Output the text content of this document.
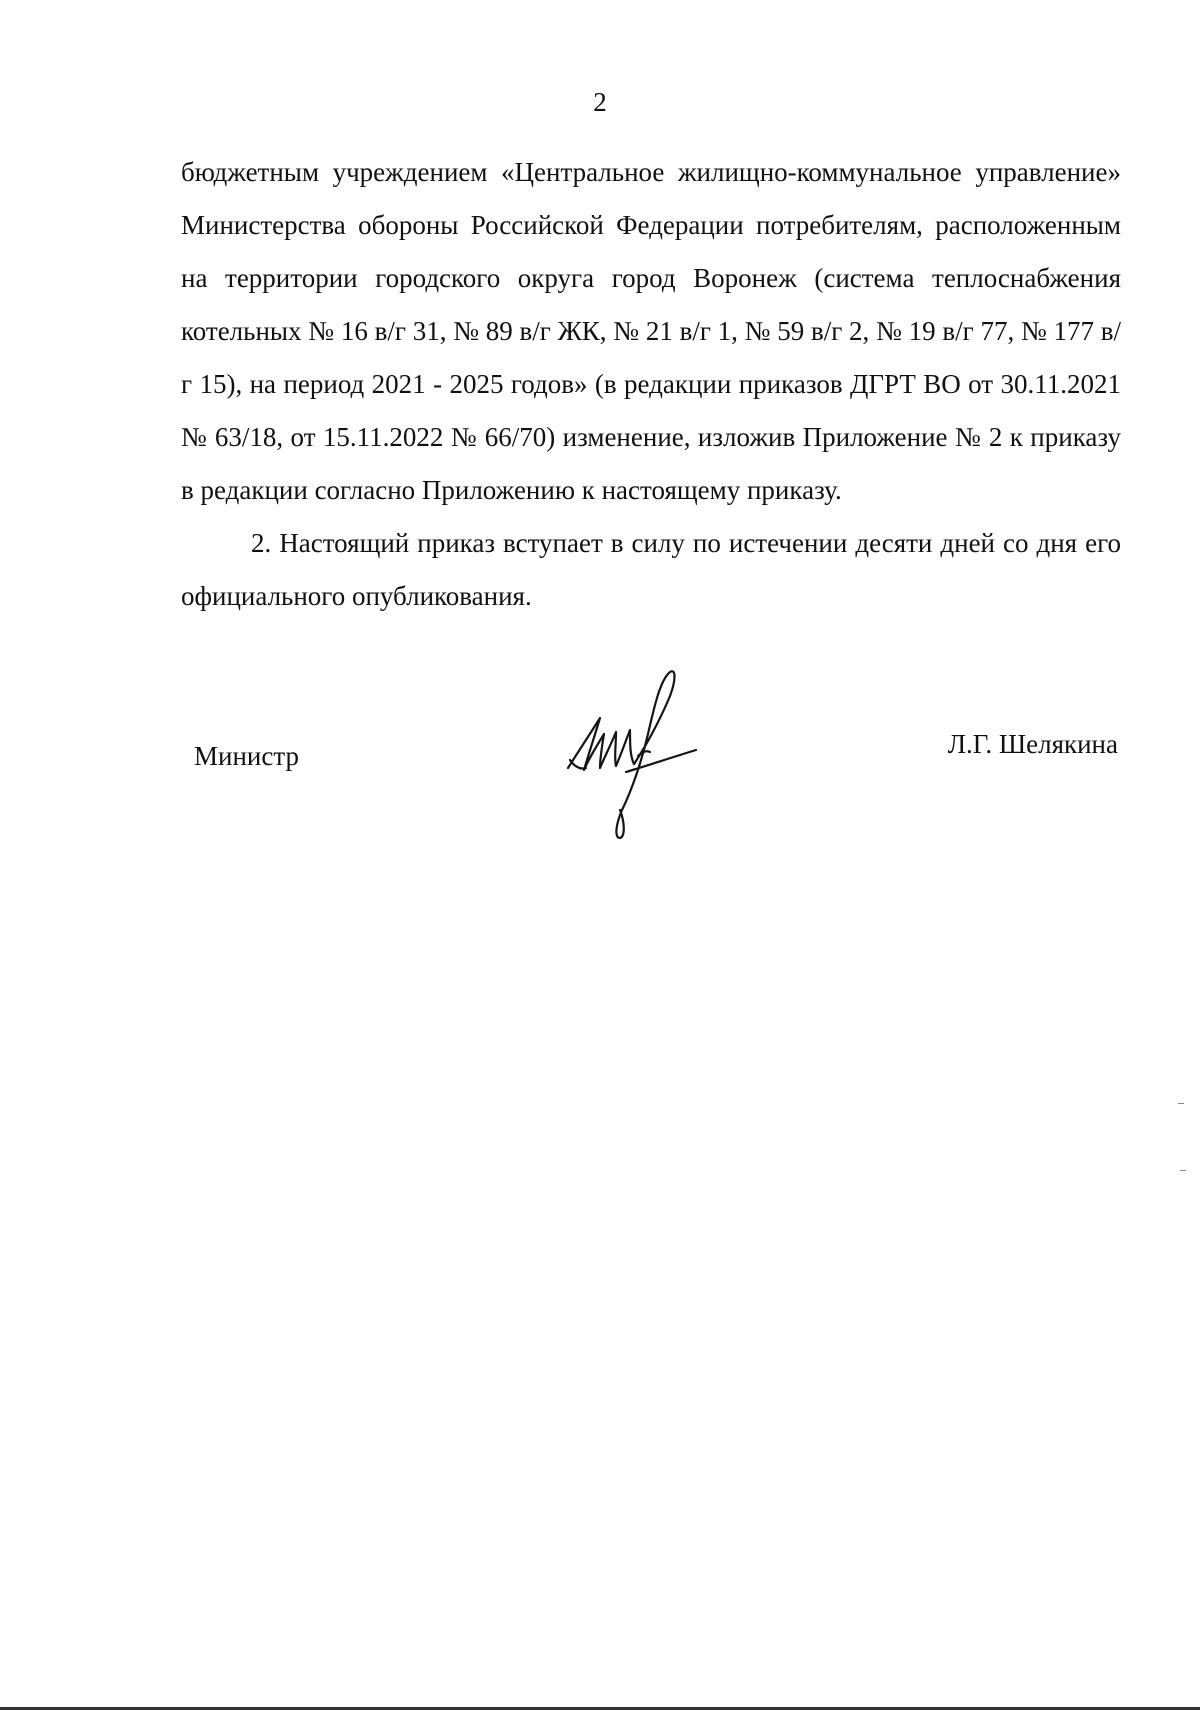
2

бюджетным учреждением «Центральное жилищно-коммунальное управление» Министерства обороны Российской Федерации потребителям, расположенным на территории городского округа город Воронеж (система теплоснабжения котельных № 16 в/г 31, № 89 в/г ЖК, № 21 в/г 1, № 59 в/г 2, № 19 в/г 77, № 177 в/г 15), на период 2021 - 2025 годов» (в редакции приказов ДГРТ ВО от 30.11.2021 № 63/18, от 15.11.2022 № 66/70) изменение, изложив Приложение № 2 к приказу в редакции согласно Приложению к настоящему приказу.

2. Настоящий приказ вступает в силу по истечении десяти дней со дня его официального опубликования.

Министр	Л.Г. Шелякина
